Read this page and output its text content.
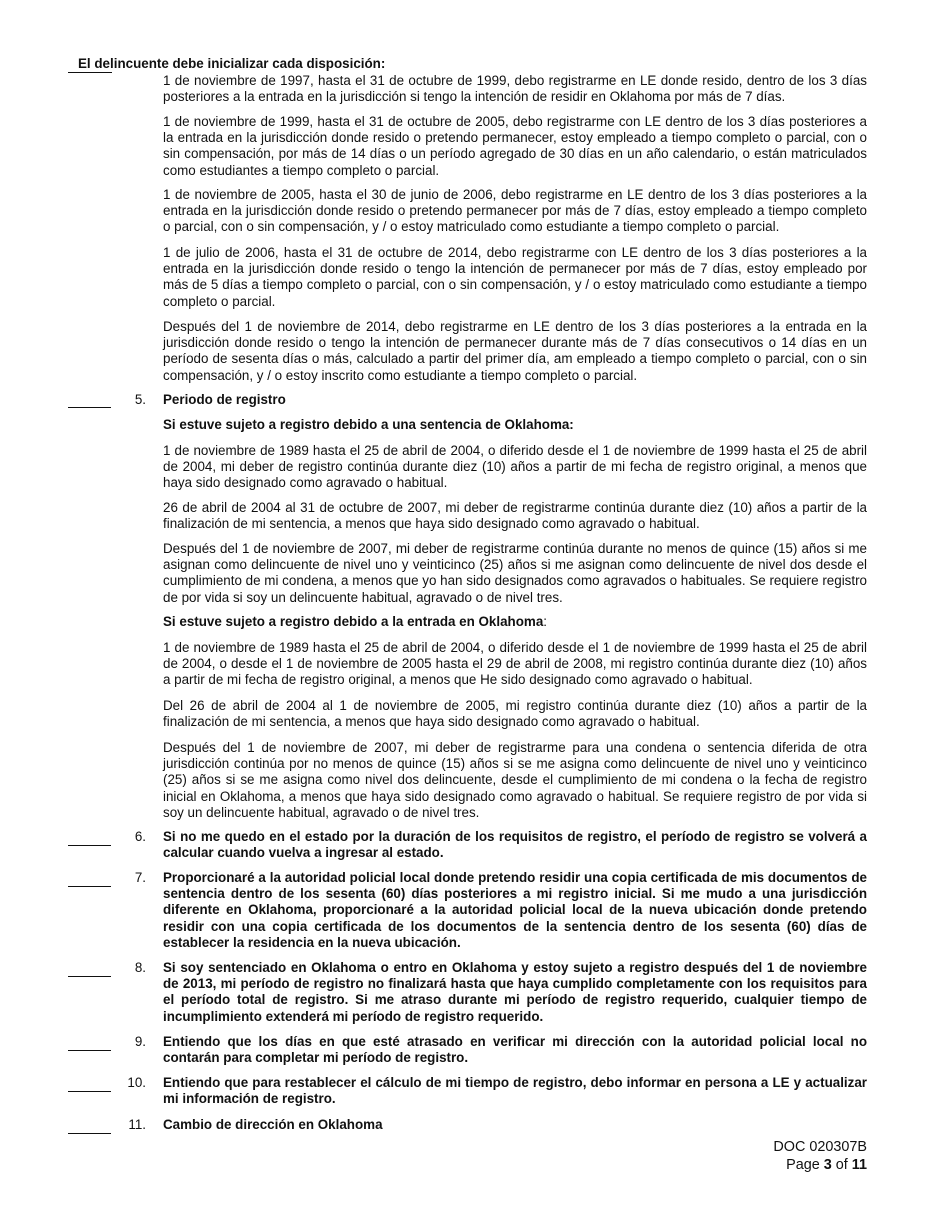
El delincuente debe inicializar cada disposición:
1 de noviembre de 1997, hasta el 31 de octubre de 1999, debo registrarme en LE donde resido, dentro de los 3 días posteriores a la entrada en la jurisdicción si tengo la intención de residir en Oklahoma por más de 7 días.
1 de noviembre de 1999, hasta el 31 de octubre de 2005, debo registrarme con LE dentro de los 3 días posteriores a la entrada en la jurisdicción donde resido o pretendo permanecer, estoy empleado a tiempo completo o parcial, con o sin compensación, por más de 14 días o un período agregado de 30 días en un año calendario, o están matriculados como estudiantes a tiempo completo o parcial.
1 de noviembre de 2005, hasta el 30 de junio de 2006, debo registrarme en LE dentro de los 3 días posteriores a la entrada en la jurisdicción donde resido o pretendo permanecer por más de 7 días, estoy empleado a tiempo completo o parcial, con o sin compensación, y / o estoy matriculado como estudiante a tiempo completo o parcial.
1 de julio de 2006, hasta el 31 de octubre de 2014, debo registrarme con LE dentro de los 3 días posteriores a la entrada en la jurisdicción donde resido o tengo la intención de permanecer por más de 7 días, estoy empleado por más de 5 días a tiempo completo o parcial, con o sin compensación, y / o estoy matriculado como estudiante a tiempo completo o parcial.
Después del 1 de noviembre de 2014, debo registrarme en LE dentro de los 3 días posteriores a la entrada en la jurisdicción donde resido o tengo la intención de permanecer durante más de 7 días consecutivos o 14 días en un período de sesenta días o más, calculado a partir del primer día, am empleado a tiempo completo o parcial, con o sin compensación, y / o estoy inscrito como estudiante a tiempo completo o parcial.
5. Periodo de registro
Si estuve sujeto a registro debido a una sentencia de Oklahoma:
1 de noviembre de 1989 hasta el 25 de abril de 2004, o diferido desde el 1 de noviembre de 1999 hasta el 25 de abril de 2004, mi deber de registro continúa durante diez (10) años a partir de mi fecha de registro original, a menos que haya sido designado como agravado o habitual.
26 de abril de 2004 al 31 de octubre de 2007, mi deber de registrarme continúa durante diez (10) años a partir de la finalización de mi sentencia, a menos que haya sido designado como agravado o habitual.
Después del 1 de noviembre de 2007, mi deber de registrarme continúa durante no menos de quince (15) años si me asignan como delincuente de nivel uno y veinticinco (25) años si me asignan como delincuente de nivel dos desde el cumplimiento de mi condena, a menos que yo han sido designados como agravados o habituales. Se requiere registro de por vida si soy un delincuente habitual, agravado o de nivel tres.
Si estuve sujeto a registro debido a la entrada en Oklahoma:
1 de noviembre de 1989 hasta el 25 de abril de 2004, o diferido desde el 1 de noviembre de 1999 hasta el 25 de abril de 2004, o desde el 1 de noviembre de 2005 hasta el 29 de abril de 2008, mi registro continúa durante diez (10) años a partir de mi fecha de registro original, a menos que He sido designado como agravado o habitual.
Del 26 de abril de 2004 al 1 de noviembre de 2005, mi registro continúa durante diez (10) años a partir de la finalización de mi sentencia, a menos que haya sido designado como agravado o habitual.
Después del 1 de noviembre de 2007, mi deber de registrarme para una condena o sentencia diferida de otra jurisdicción continúa por no menos de quince (15) años si se me asigna como delincuente de nivel uno y veinticinco (25) años si se me asigna como nivel dos delincuente, desde el cumplimiento de mi condena o la fecha de registro inicial en Oklahoma, a menos que haya sido designado como agravado o habitual. Se requiere registro de por vida si soy un delincuente habitual, agravado o de nivel tres.
6. Si no me quedo en el estado por la duración de los requisitos de registro, el período de registro se volverá a calcular cuando vuelva a ingresar al estado.
7. Proporcionaré a la autoridad policial local donde pretendo residir una copia certificada de mis documentos de sentencia dentro de los sesenta (60) días posteriores a mi registro inicial. Si me mudo a una jurisdicción diferente en Oklahoma, proporcionaré a la autoridad policial local de la nueva ubicación donde pretendo residir con una copia certificada de los documentos de la sentencia dentro de los sesenta (60) días de establecer la residencia en la nueva ubicación.
8. Si soy sentenciado en Oklahoma o entro en Oklahoma y estoy sujeto a registro después del 1 de noviembre de 2013, mi período de registro no finalizará hasta que haya cumplido completamente con los requisitos para el período total de registro. Si me atraso durante mi período de registro requerido, cualquier tiempo de incumplimiento extenderá mi período de registro requerido.
9. Entiendo que los días en que esté atrasado en verificar mi dirección con la autoridad policial local no contarán para completar mi período de registro.
10. Entiendo que para restablecer el cálculo de mi tiempo de registro, debo informar en persona a LE y actualizar mi información de registro.
11. Cambio de dirección en Oklahoma
DOC 020307B
Page 3 of 11
